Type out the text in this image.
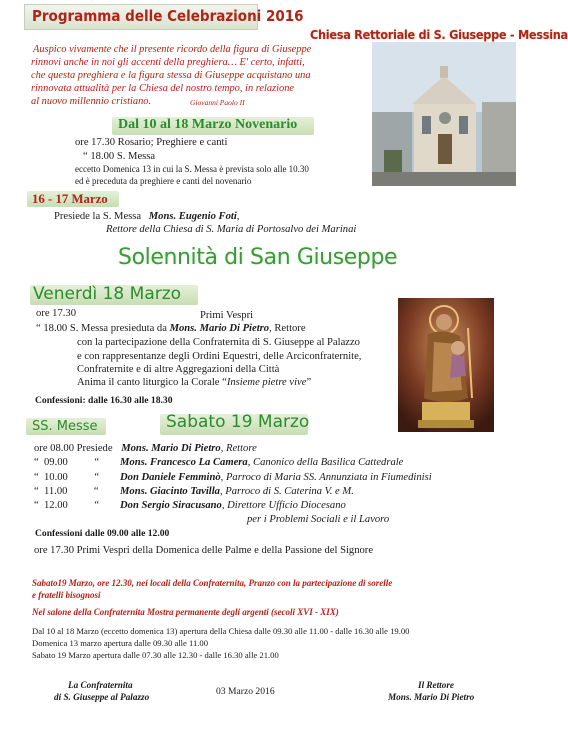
Programma delle Celebrazioni 2016
Chiesa Rettoriale di S. Giuseppe - Messina
Auspico vivamente che il presente ricordo della figura di Giuseppe
rinnovi anche in noi gli accenti della preghiera… E' certo, infatti,
che questa preghiera e la figura stessa di Giuseppe acquistano una
rinnovata attualità per la Chiesa del nostro tempo, in relazione
al nuovo millennio cristiano.	Giovanni Paolo II
Dal 10 al 18 Marzo Novenario
ore 17.30 Rosario; Preghiere e canti
“ 18.00 S. Messa
eccetto Domenica 13 in cui la S. Messa è prevista solo alle 10.30
ed è preceduta da preghiere e canti del novenario
16 - 17 Marzo
Presiede la S. Messa Mons. Eugenio Foti,
Rettore della Chiesa di S. Maria di Portosalvo dei Marinai
Solennità di San Giuseppe
Venerdì 18 Marzo
ore 17.30	Primi Vespri
“ 18.00 S. Messa presieduta da Mons. Mario Di Pietro, Rettore
con la partecipazione della Confraternita di S. Giuseppe al Palazzo
e con rappresentanze degli Ordini Equestri, delle Arciconfraternite,
Confraternite e di altre Aggregazioni della Città
Anima il canto liturgico la Corale “Insieme pietre vive”
Confessioni: dalle 16.30 alle 18.30
SS. Messe	Sabato 19 Marzo
ore 08.00 Presiede Mons. Mario Di Pietro, Rettore
“  09.00          “ Mons. Francesco La Camera, Canonico della Basilica Cattedrale
“  10.00          “ Don Daniele Femminò, Parroco di Maria SS. Annunziata in Fiumedinisi
“  11.00          “ Mons. Giacinto Tavilla, Parroco di S. Caterina V. e M.
“  12.00          “ Don Sergio Siracusano, Direttore Ufficio Diocesano
per i Problemi Sociali e il Lavoro
Confessioni dalle 09.00 alle 12.00
ore 17.30 Primi Vespri della Domenica delle Palme e della Passione del Signore
Sabato19 Marzo, ore 12.30, nei locali della Confraternita, Pranzo con la partecipazione di sorelle
e fratelli bisognosi
Nel salone della Confraternita Mostra permanente degli argenti (secoli XVI - XIX)
Dal 10 al 18 Marzo (eccetto domenica 13) apertura della Chiesa dalle 09.30 alle 11.00 - dalle 16.30 alle 19.00
Domenica 13 marzo apertura dalle 09.30 alle 11.00
Sabato 19 Marzo apertura dalle 07.30 alle 12.30 - dalle 16.30 alle 21.00
La Confraternita
di S. Giuseppe al Palazzo	03 Marzo 2016
Il Rettore
Mons. Mario Di Pietro
